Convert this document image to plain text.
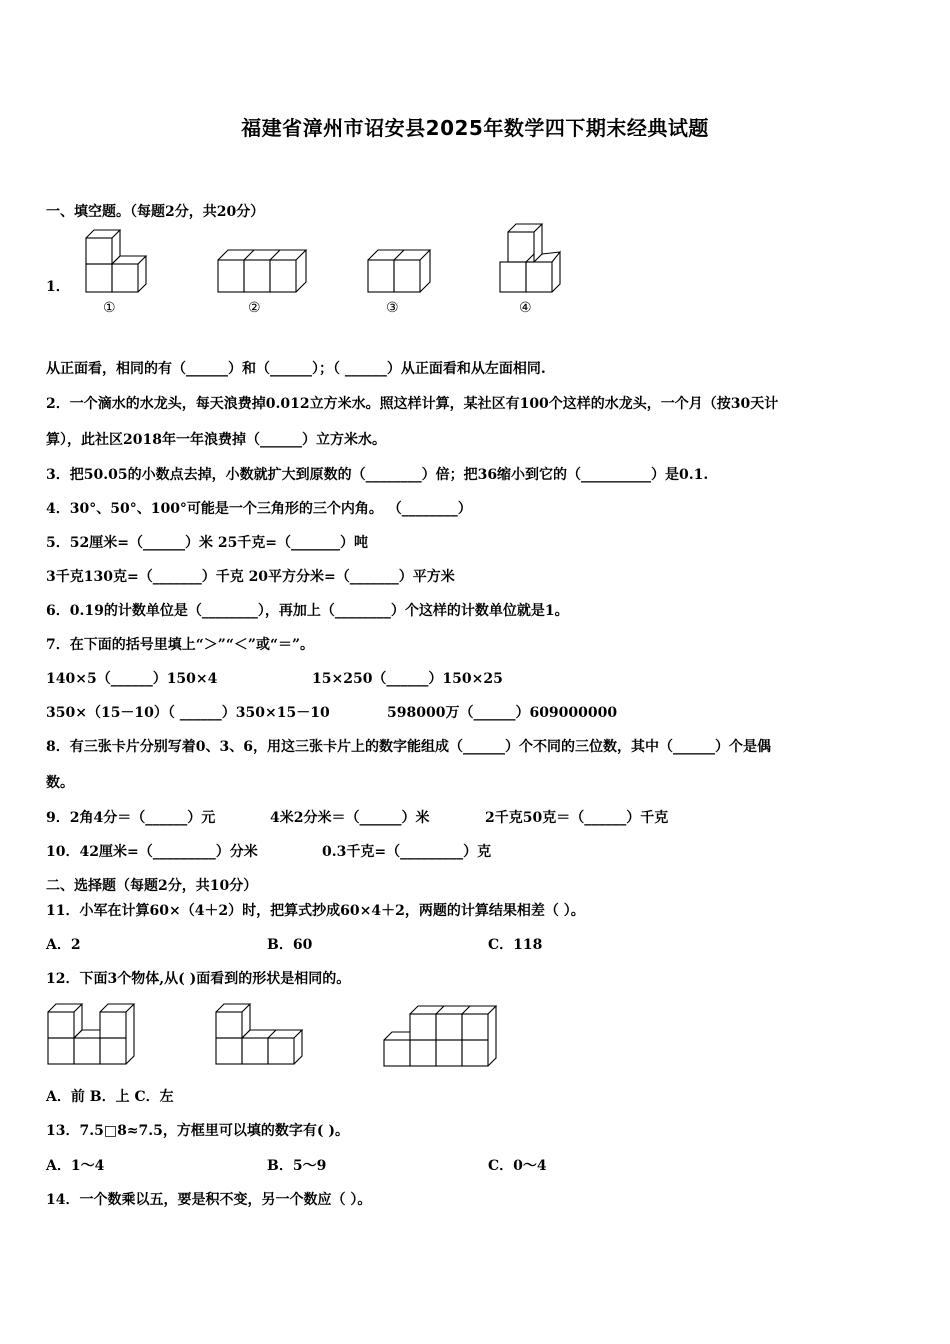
福建省漳州市诏安县2025年数学四下期末经典试题
一、填空题。（每题2分，共20分）
1．
①	②	③	④
从正面看，相同的有（______）和（______）；（ ______）从正面看和从左面相同.
2．一个滴水的水龙头，每天浪费掉0.012立方米水。照这样计算，某社区有100个这样的水龙头，一个月（按30天计
算），此社区2018年一年浪费掉（______）立方米水。
3．把50.05的小数点去掉，小数就扩大到原数的（________）倍；把36缩小到它的（__________）是0.1.
4．30°、50°、100°可能是一个三角形的三个内角。 （________）
5．52厘米=（______）米 25千克=（_______）吨
3千克130克=（_______）千克 20平方分米=（_______）平方米
6．0.19的计数单位是（________），再加上（________）个这样的计数单位就是1。
7．在下面的括号里填上“＞”“＜”或“＝”。
140×5（______）150×4	15×250（______）150×25
350×（15－10）（ ______）350×15－10	598000万（______）609000000
8．有三张卡片分别写着0、3、6，用这三张卡片上的数字能组成（______）个不同的三位数，其中（______）个是偶
数。
9．2角4分＝（______）元	4米2分米＝（______）米	2千克50克＝（______）千克
10．42厘米=（_________）分米	0.3千克=（_________）克
二、选择题（每题2分，共10分）
11．小军在计算60×（4＋2）时，把算式抄成60×4＋2，两题的计算结果相差（ ）。
A．2	B．60	C．118
12．下面3个物体,从( )面看到的形状是相同的。
A．前 B．上 C．左
13．7.5□8≈7.5，方框里可以填的数字有( )。
A．1～4	B．5～9	C．0～4
14．一个数乘以五，要是积不变，另一个数应（ ）。
